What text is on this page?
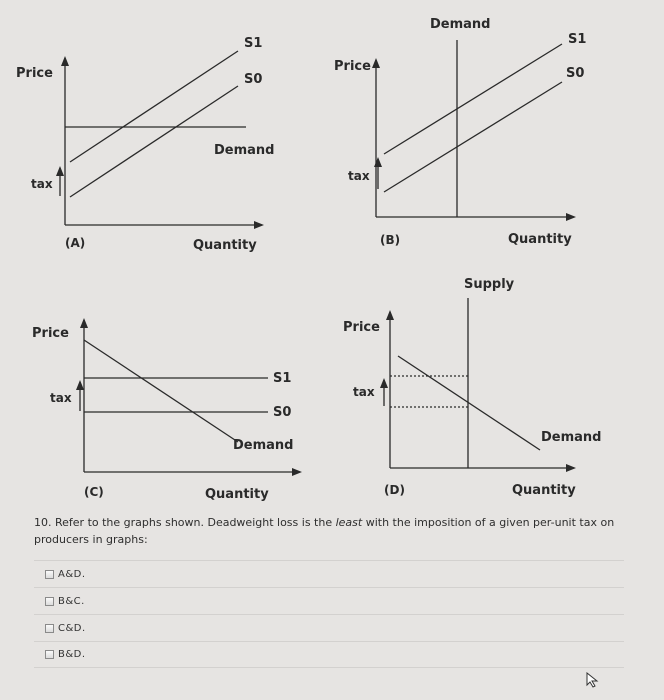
Price
S1
S0
Demand
tax
(A)	Quantity
Demand
S1
S0
Price
tax
(B)	Quantity
Price
S1
S0
Demand
tax
(C)	Quantity
Supply
Price
tax
Demand
(D)	Quantity

10. Refer to the graphs shown. Deadweight loss is the least with the imposition of a given per-unit tax on producers in graphs:

A&D.
B&C.
C&D.
B&D.
